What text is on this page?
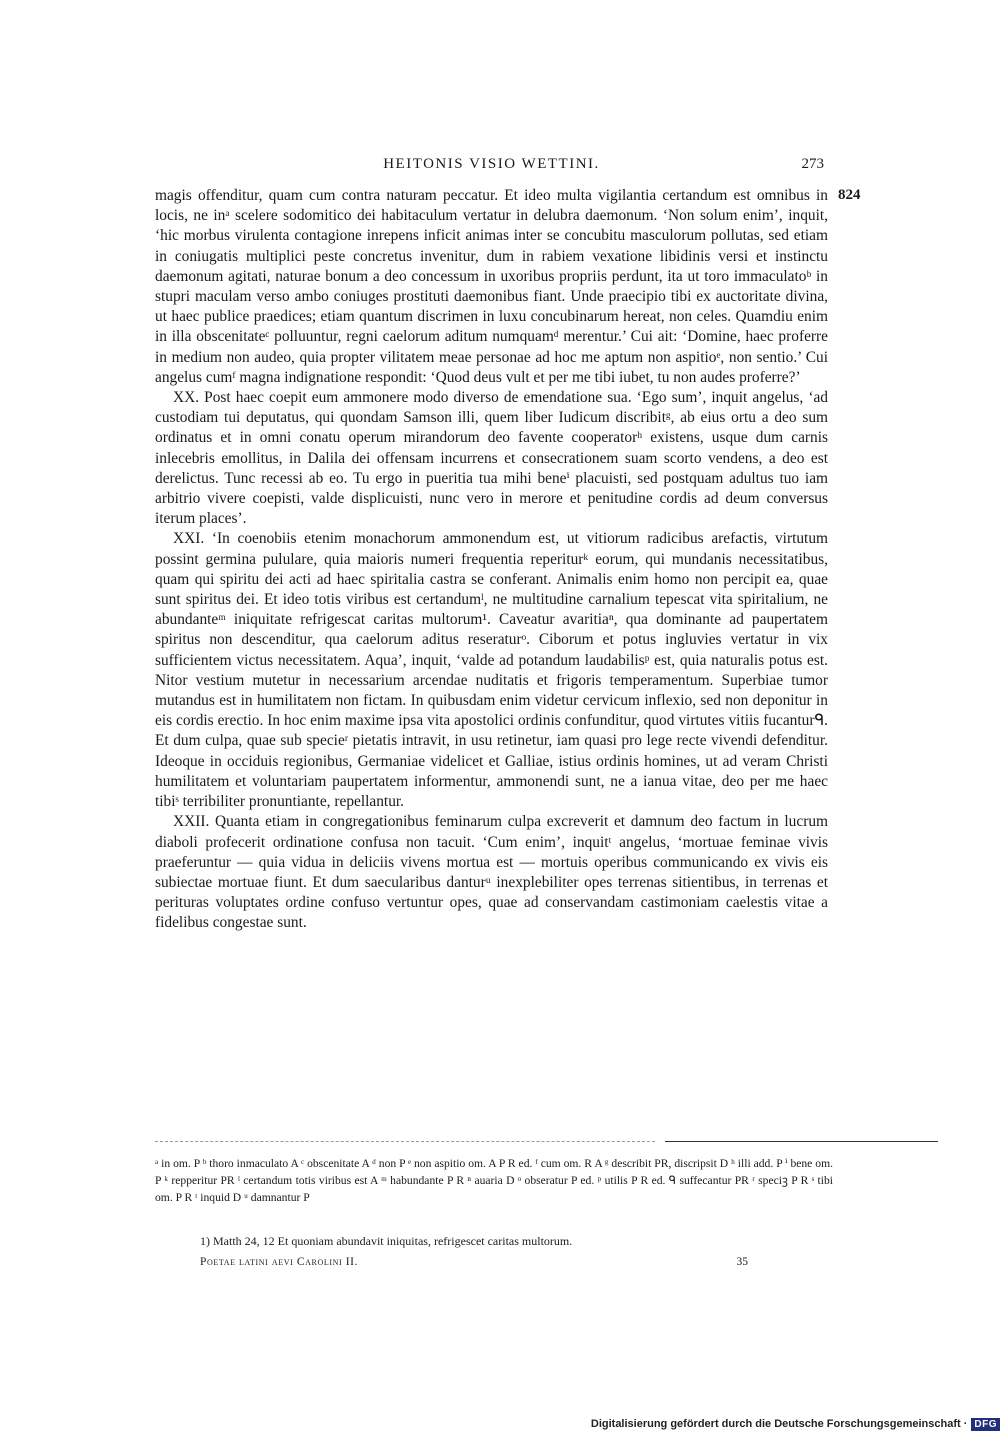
HEITONIS VISIO WETTINI.	273
824

magis offenditur, quam cum contra naturam peccatur. Et ideo multa vigilantia certandum est omnibus in locis, ne inᵃ scelere sodomitico dei habitaculum vertatur in delubra daemonum. ‘Non solum enim’, inquit, ‘hic morbus virulenta contagione inrepens inficit animas inter se concubitu masculorum pollutas, sed etiam in coniugatis multiplici peste concretus invenitur, dum in rabiem vexatione libidinis versi et instinctu daemonum agitati, naturae bonum a deo concessum in uxoribus propriis perdunt, ita ut toro immaculatoᵇ in stupri maculam verso ambo coniuges prostituti daemonibus fiant. Unde praecipio tibi ex auctoritate divina, ut haec publice praedices; etiam quantum discrimen in luxu concubinarum hereat, non celes. Quamdiu enim in illa obscenitateᶜ polluuntur, regni caelorum aditum numquamᵈ merentur.’ Cui ait: ‘Domine, haec proferre in medium non audeo, quia propter vilitatem meae personae ad hoc me aptum non aspitioᵉ, non sentio.’ Cui angelus cumᶠ magna indignatione respondit: ‘Quod deus vult et per me tibi iubet, tu non audes proferre?’

XX. Post haec coepit eum ammonere modo diverso de emendatione sua. ‘Ego sum’, inquit angelus, ‘ad custodiam tui deputatus, qui quondam Samson illi, quem liber Iudicum discribitᵍ, ab eius ortu a deo sum ordinatus et in omni conatu operum mirandorum deo favente cooperatorʰ existens, usque dum carnis inlecebris emollitus, in Dalila dei offensam incurrens et consecrationem suam scorto vendens, a deo est derelictus. Tunc recessi ab eo. Tu ergo in pueritia tua mihi beneⁱ placuisti, sed postquam adultus tuo iam arbitrio vivere coepisti, valde displicuisti, nunc vero in merore et penitudine cordis ad deum conversus iterum places’.

XXI. ‘In coenobiis etenim monachorum ammonendum est, ut vitiorum radicibus arefactis, virtutum possint germina pululare, quia maioris numeri frequentia reperiturᵏ eorum, qui mundanis necessitatibus, quam qui spiritu dei acti ad haec spiritalia castra se conferant. Animalis enim homo non percipit ea, quae sunt spiritus dei. Et ideo totis viribus est certandumˡ, ne multitudine carnalium tepescat vita spiritalium, ne abundanteᵐ iniquitate refrigescat caritas multorum¹. Caveatur avaritiaⁿ, qua dominante ad paupertatem spiritus non descenditur, qua caelorum aditus reseraturᵒ. Ciborum et potus ingluvies vertatur in vix sufficientem victus necessitatem. Aqua’, inquit, ‘valde ad potandum laudabilisᵖ est, quia naturalis potus est. Nitor vestium mutetur in necessarium arcendae nuditatis et frigoris temperamentum. Superbiae tumor mutandus est in humilitatem non fictam. In quibusdam enim videtur cervicum inflexio, sed non deponitur in eis cordis erectio. In hoc enim maxime ipsa vita apostolici ordinis confunditur, quod virtutes vitiis fucanturᑫ. Et dum culpa, quae sub specieʳ pietatis intravit, in usu retinetur, iam quasi pro lege recte vivendi defenditur. Ideoque in occiduis regionibus, Germaniae videlicet et Galliae, istius ordinis homines, ut ad veram Christi humilitatem et voluntariam paupertatem informentur, ammonendi sunt, ne a ianua vitae, deo per me haec tibiˢ terribiliter pronuntiante, repellantur.

XXII. Quanta etiam in congregationibus feminarum culpa excreverit et damnum deo factum in lucrum diaboli profecerit ordinatione confusa non tacuit. ‘Cum enim’, inquitᵗ angelus, ‘mortuae feminae vivis praeferuntur — quia vidua in deliciis vivens mortua est — mortuis operibus communicando ex vivis eis subiectae mortuae fiunt. Et dum saecularibus danturᵘ inexplebiliter opes terrenas sitientibus, in terrenas et perituras voluptates ordine confuso vertuntur opes, quae ad conservandam castimoniam caelestis vitae a fidelibus congestae sunt.

ᵃ in om. P ᵇ thoro inmaculato A ᶜ obscenitate A ᵈ non P ᵉ non aspitio om. A P R ed. ᶠ cum om. R A ᵍ describit PR, discripsit D ʰ illi add. P ⁱ bene om. P ᵏ repperitur PR ˡ certandum totis viribus est A ᵐ habundante P R ⁿ auaria D ᵒ obseratur P ed. ᵖ utilis P R ed. ᑫ suffecantur PR ʳ speciꝫ P R ˢ tibi om. P R ᵗ inquid D ᵘ damnantur P

1) Matth 24, 12 Et quoniam abundavit iniquitas, refrigescet caritas multorum.
Poetae latini aevi Carolini II.	35
Digitalisierung gefördert durch die Deutsche Forschungsgemeinschaft · DFG
